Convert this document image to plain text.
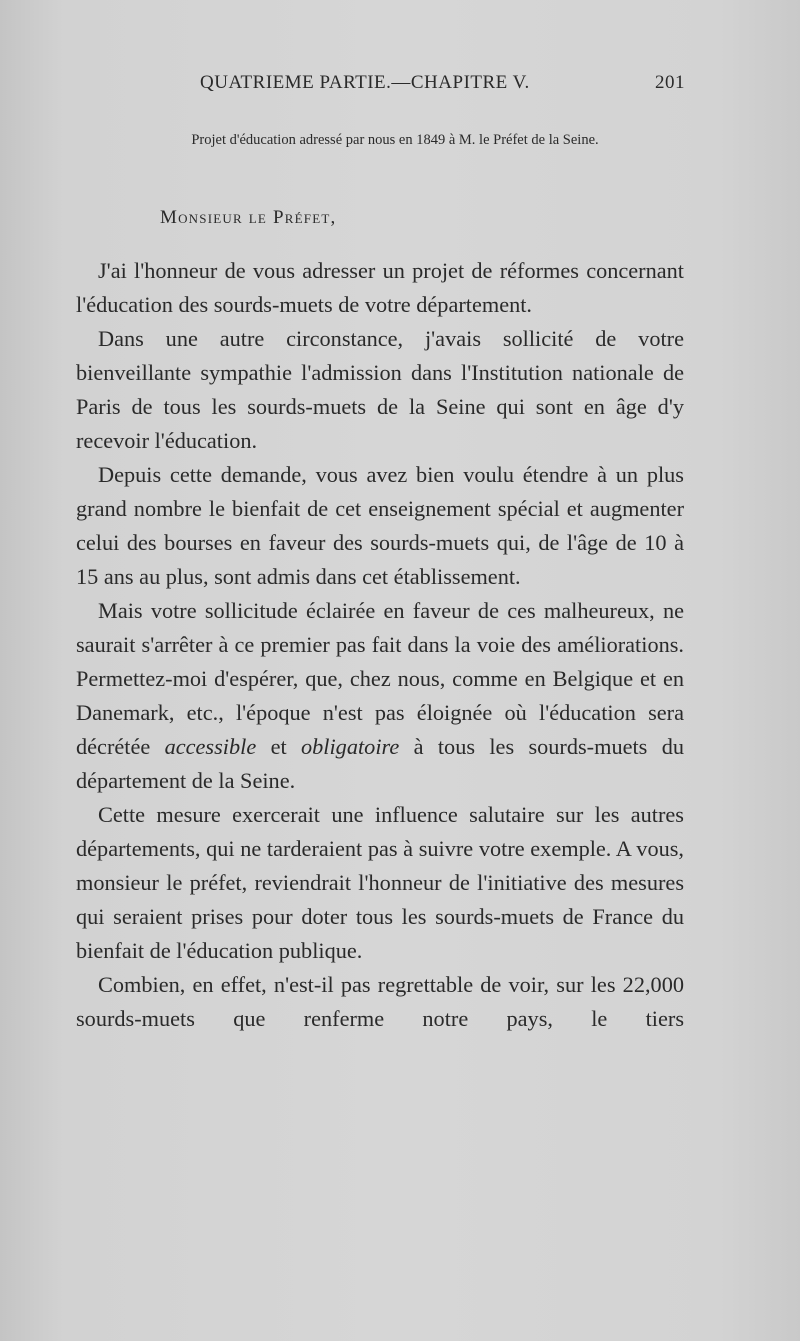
QUATRIEME PARTIE.—CHAPITRE V.	201
Projet d'éducation adressé par nous en 1849 à M. le Préfet de la Seine.
Monsieur le Préfet,

J'ai l'honneur de vous adresser un projet de réformes concernant l'éducation des sourds-muets de votre département.

Dans une autre circonstance, j'avais sollicité de votre bienveillante sympathie l'admission dans l'Institution nationale de Paris de tous les sourds-muets de la Seine qui sont en âge d'y recevoir l'éducation.

Depuis cette demande, vous avez bien voulu étendre à un plus grand nombre le bienfait de cet enseignement spécial et augmenter celui des bourses en faveur des sourds-muets qui, de l'âge de 10 à 15 ans au plus, sont admis dans cet établissement.

Mais votre sollicitude éclairée en faveur de ces malheureux, ne saurait s'arrêter à ce premier pas fait dans la voie des améliorations. Permettez-moi d'espérer, que, chez nous, comme en Belgique et en Danemark, etc., l'époque n'est pas éloignée où l'éducation sera décrétée accessible et obligatoire à tous les sourds-muets du département de la Seine.

Cette mesure exercerait une influence salutaire sur les autres départements, qui ne tarderaient pas à suivre votre exemple. A vous, monsieur le préfet, reviendrait l'honneur de l'initiative des mesures qui seraient prises pour doter tous les sourds-muets de France du bienfait de l'éducation publique.

Combien, en effet, n'est-il pas regrettable de voir, sur les 22,000 sourds-muets que renferme notre pays, le tiers
